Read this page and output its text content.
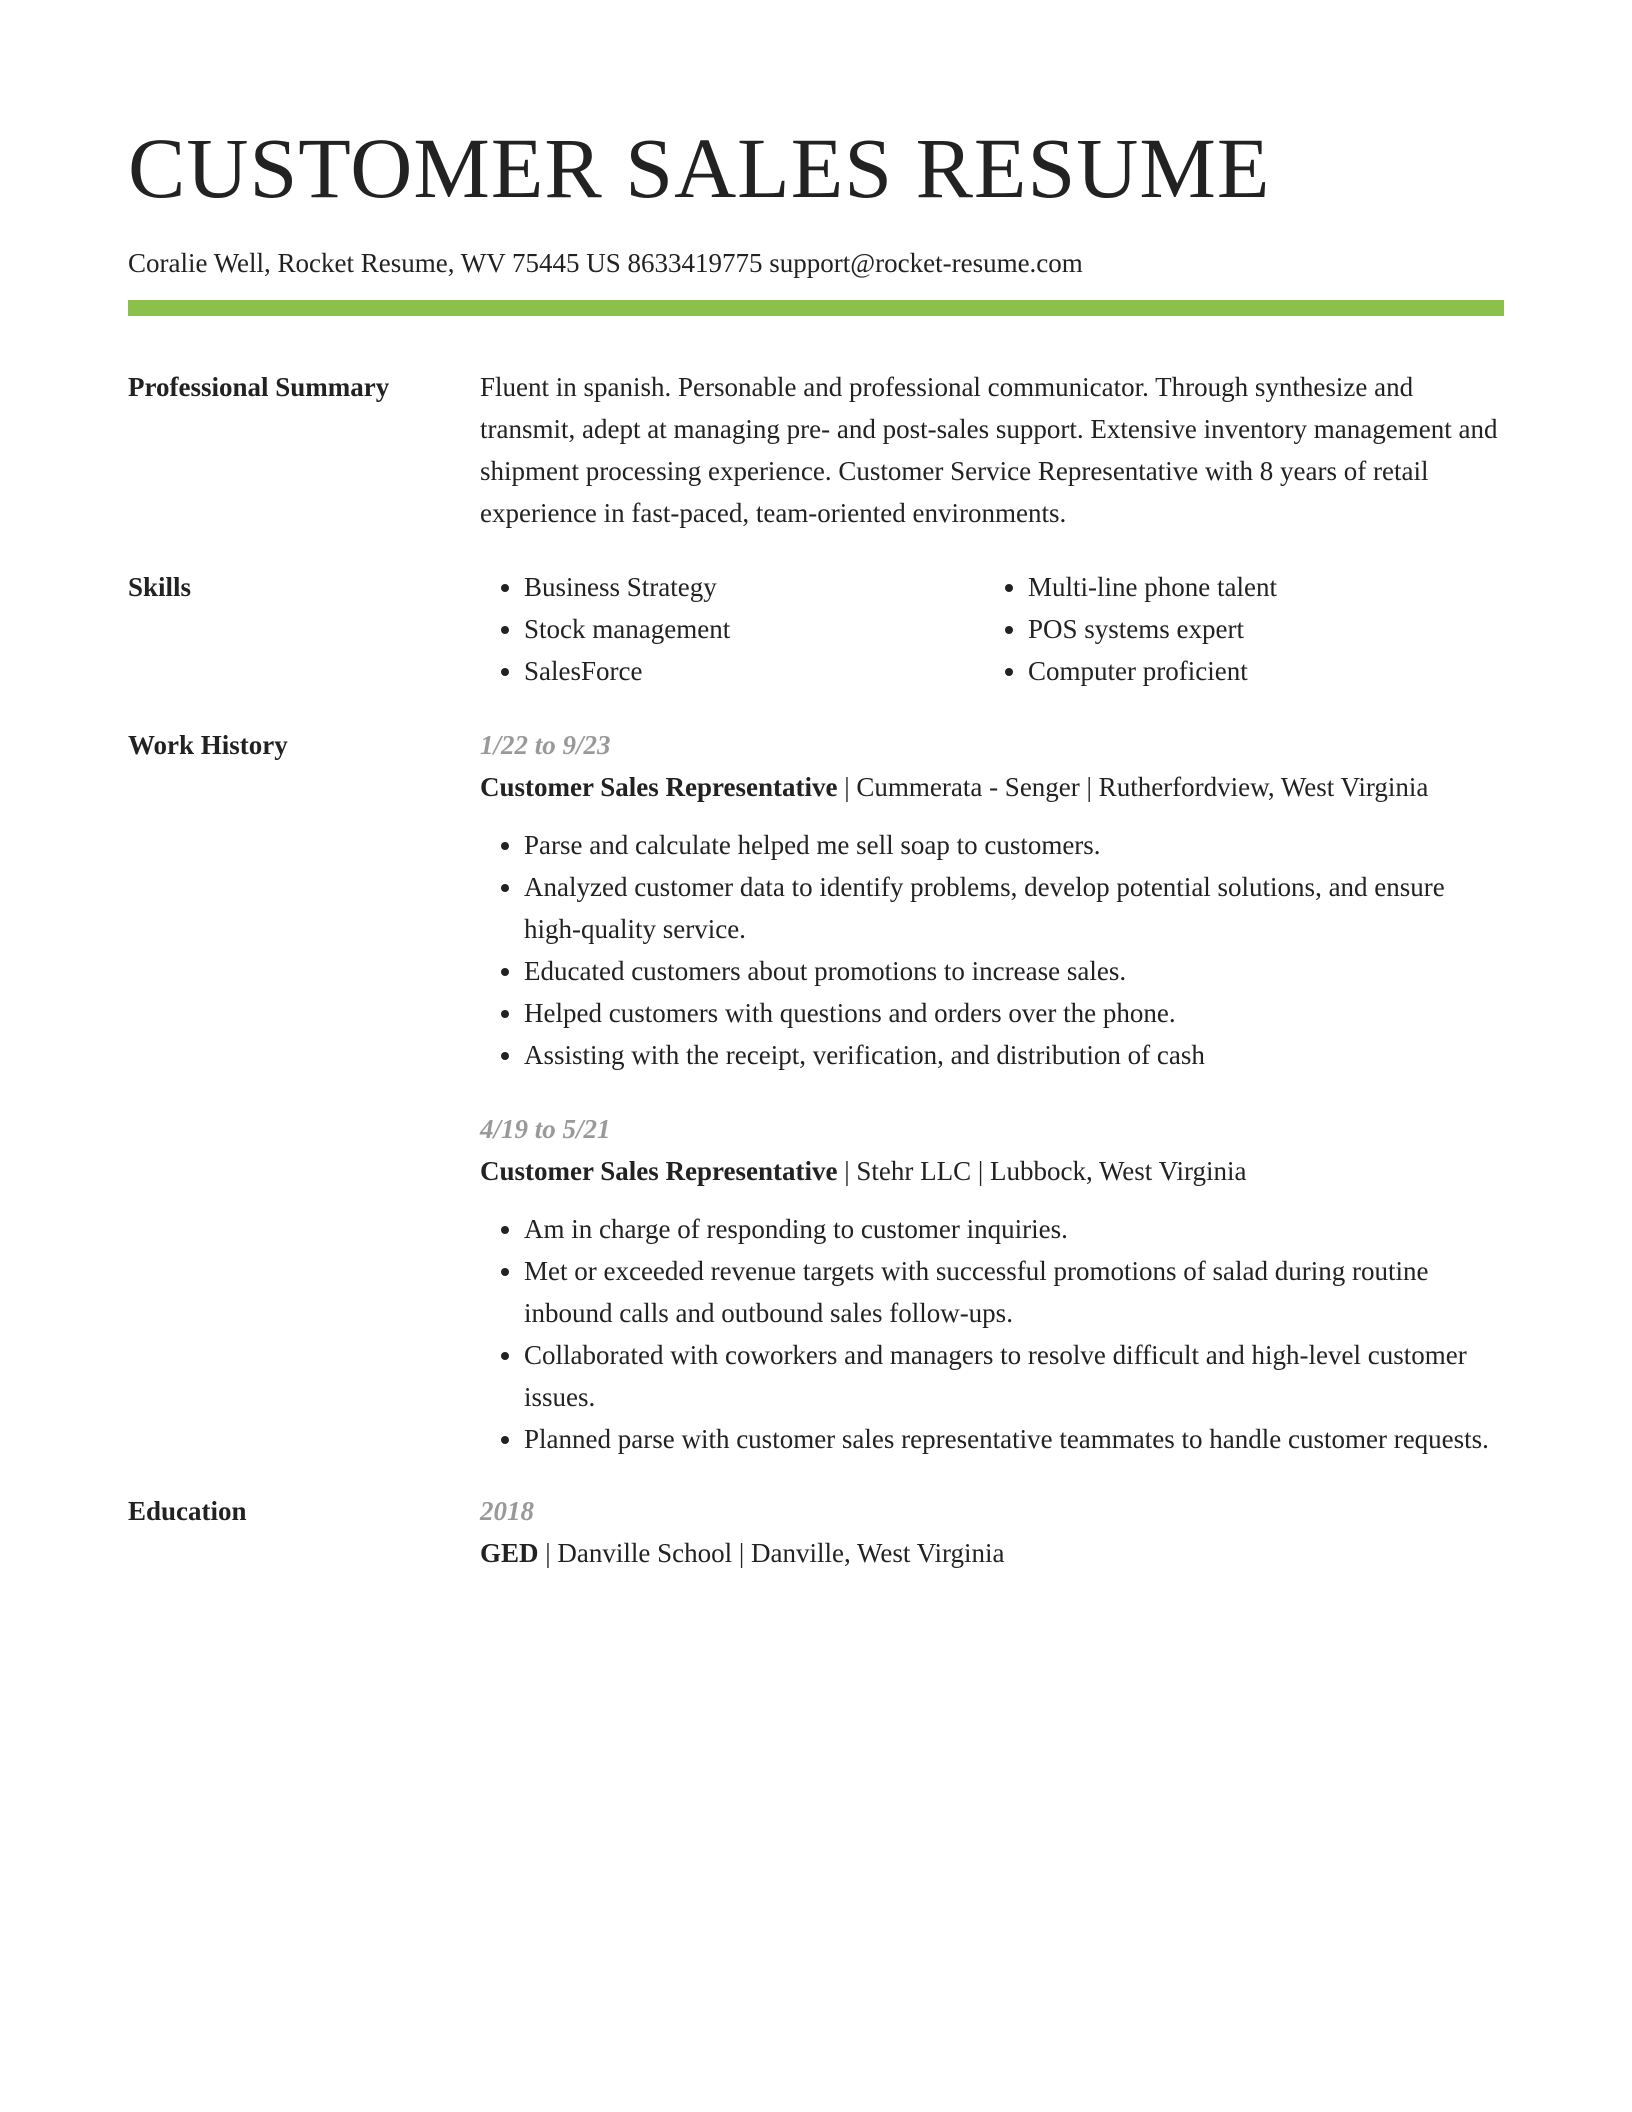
CUSTOMER SALES RESUME
Coralie Well, Rocket Resume, WV 75445 US 8633419775 support@rocket-resume.com
Professional Summary	Fluent in spanish. Personable and professional communicator. Through synthesize and transmit, adept at managing pre- and post-sales support. Extensive inventory management and shipment processing experience. Customer Service Representative with 8 years of retail experience in fast-paced, team-oriented environments.
Skills
•	Business Strategy
• Stock management
• SalesForce
• Multi-line phone talent
• POS systems expert
• Computer proficient
Work History	1/22 to 9/23
Customer Sales Representative | Cummerata - Senger | Rutherfordview, West Virginia
• Parse and calculate helped me sell soap to customers.
• Analyzed customer data to identify problems, develop potential solutions, and ensure high-quality service.
• Educated customers about promotions to increase sales.
• Helped customers with questions and orders over the phone.
• Assisting with the receipt, verification, and distribution of cash
4/19 to 5/21
Customer Sales Representative | Stehr LLC | Lubbock, West Virginia
• Am in charge of responding to customer inquiries.
• Met or exceeded revenue targets with successful promotions of salad during routine inbound calls and outbound sales follow-ups.
• Collaborated with coworkers and managers to resolve difficult and high-level customer issues.
• Planned parse with customer sales representative teammates to handle customer requests.
Education	2018
GED | Danville School | Danville, West Virginia
